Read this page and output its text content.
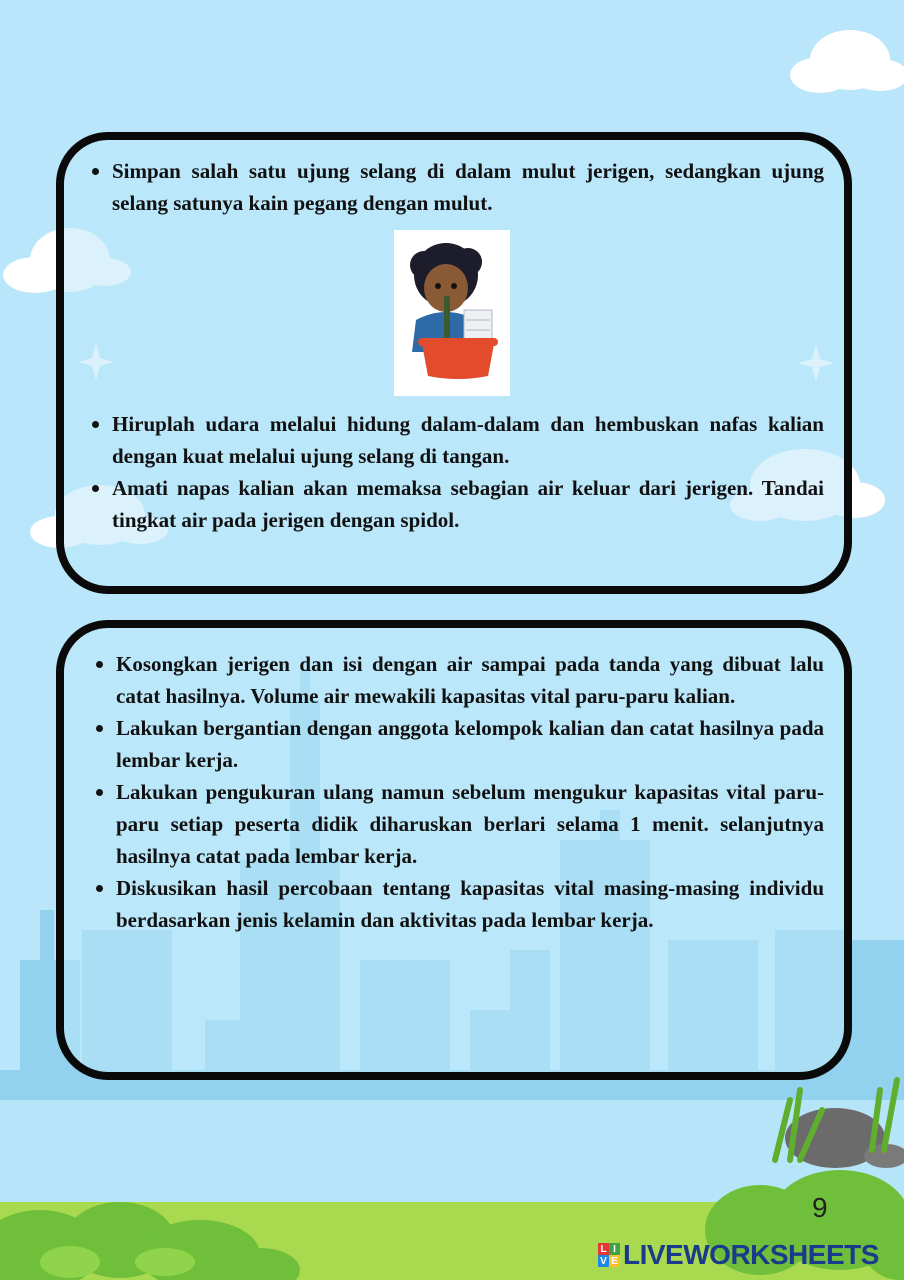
Simpan salah satu ujung selang di dalam mulut jerigen, sedangkan ujung selang satunya kain pegang dengan mulut.
Hiruplah udara melalui hidung dalam-dalam dan hembuskan nafas kalian dengan kuat melalui ujung selang di tangan.
Amati napas kalian akan memaksa sebagian air keluar dari jerigen. Tandai tingkat air pada jerigen dengan spidol.
Kosongkan jerigen dan isi dengan air sampai pada tanda yang dibuat lalu catat hasilnya. Volume air mewakili kapasitas vital paru-paru kalian.
Lakukan bergantian dengan anggota kelompok kalian dan catat hasilnya pada lembar kerja.
Lakukan pengukuran ulang namun sebelum mengukur kapasitas vital paru-paru setiap peserta didik diharuskan berlari selama 1 menit. selanjutnya hasilnya catat pada lembar kerja.
Diskusikan hasil percobaan tentang kapasitas vital masing-masing individu berdasarkan jenis kelamin dan aktivitas pada lembar kerja.
9
L I
V E LIVEWORKSHEETS
